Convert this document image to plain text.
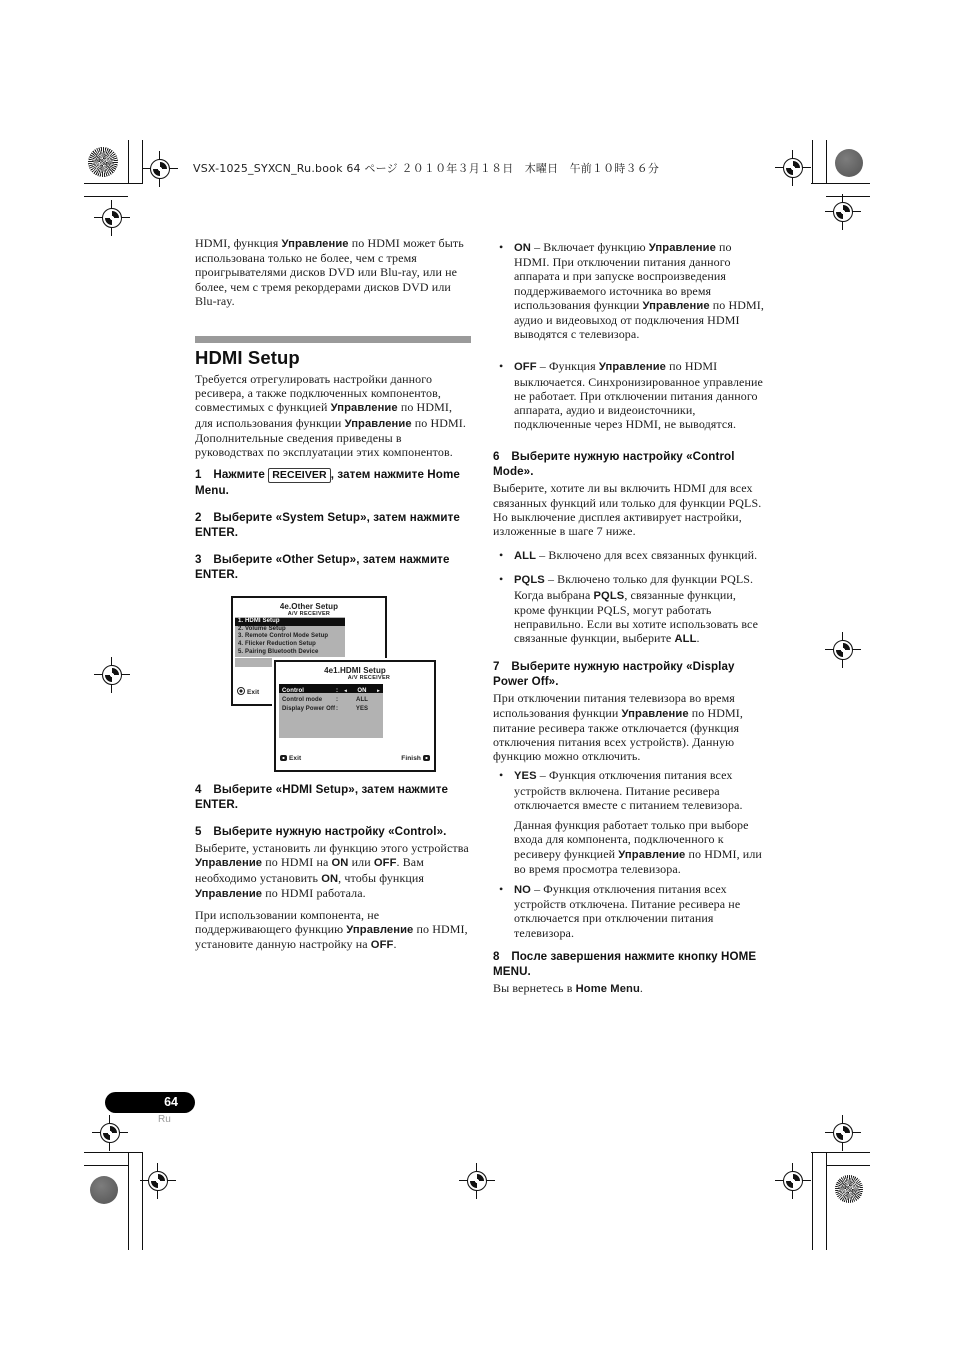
VSX-1025_SYXCN_Ru.book 64 ページ ２０１０年３月１８日　木曜日　午前１０時３６分

HDMI, функция Управление по HDMI может быть использована только не более, чем с тремя проигрывателями дисков DVD или Blu-ray, или не более, чем с тремя рекордерами дисков DVD или Blu-ray.

HDMI Setup

Требуется отрегулировать настройки данного ресивера, а также подключенных компонентов, совместимых с функцией Управление по HDMI, для использования функции Управление по HDMI. Дополнительные сведения приведены в руководствах по эксплуатации этих компонентов.

1  Нажмите RECEIVER , затем нажмите Home Menu.

2  Выберите «System Setup», затем нажмите ENTER.

3  Выберите «Other Setup», затем нажмите ENTER.

4e.Other Setup
A/V RECEIVER
1. HDMI Setup
2. Volume Setup
3. Remote Control Mode Setup
4. Flicker Reduction Setup
5. Pairing Bluetooth Device
Exit
4e1.HDMI Setup
A/V RECEIVER
Control	:	◄	ON	►
Control mode	:	ALL
Display Power Off :	YES
Exit	Finish

4  Выберите «HDMI Setup», затем нажмите ENTER.

5  Выберите нужную настройку «Control».

Выберите, установить ли функцию этого устройства Управление по HDMI на ON или OFF. Вам необходимо установить ON, чтобы функция Управление по HDMI работала.

При использовании компонента, не поддерживающего функцию Управление по HDMI, установите данную настройку на OFF.

• ON – Включает функцию Управление по HDMI. При отключении питания данного аппарата и при запуске воспроизведения поддерживаемого источника во время использования функции Управление по HDMI, аудио и видеовыход от подключения HDMI выводятся с телевизора.
• OFF – Функция Управление по HDMI выключается. Синхронизированное управление не работает. При отключении питания данного аппарата, аудио и видеоисточники, подключенные через HDMI, не выводятся.

6  Выберите нужную настройку «Control Mode».

Выберите, хотите ли вы включить HDMI для всех связанных функций или только для функции PQLS. Но выключение дисплея активирует настройки, изложенные в шаге 7 ниже.

• ALL – Включено для всех связанных функций.
• PQLS – Включено только для функции PQLS. Когда выбрана PQLS, связанные функции, кроме функции PQLS, могут работать неправильно. Если вы хотите использовать все связанные функции, выберите ALL.

7  Выберите нужную настройку «Display Power Off».

При отключении питания телевизора во время использования функции Управление по HDMI, питание ресивера также отключается (функция отключения питания всех устройств). Данную функцию можно отключить.

• YES – Функция отключения питания всех устройств включена. Питание ресивера отключается вместе с питанием телевизора.
Данная функция работает только при выборе входа для компонента, подключенного к ресиверу функцией Управление по HDMI, или во время просмотра телевизора.
• NO – Функция отключения питания всех устройств отключена. Питание ресивера не отключается при отключении питания телевизора.

8  После завершения нажмите кнопку HOME MENU.

Вы вернетесь в Home Menu.

64
Ru
